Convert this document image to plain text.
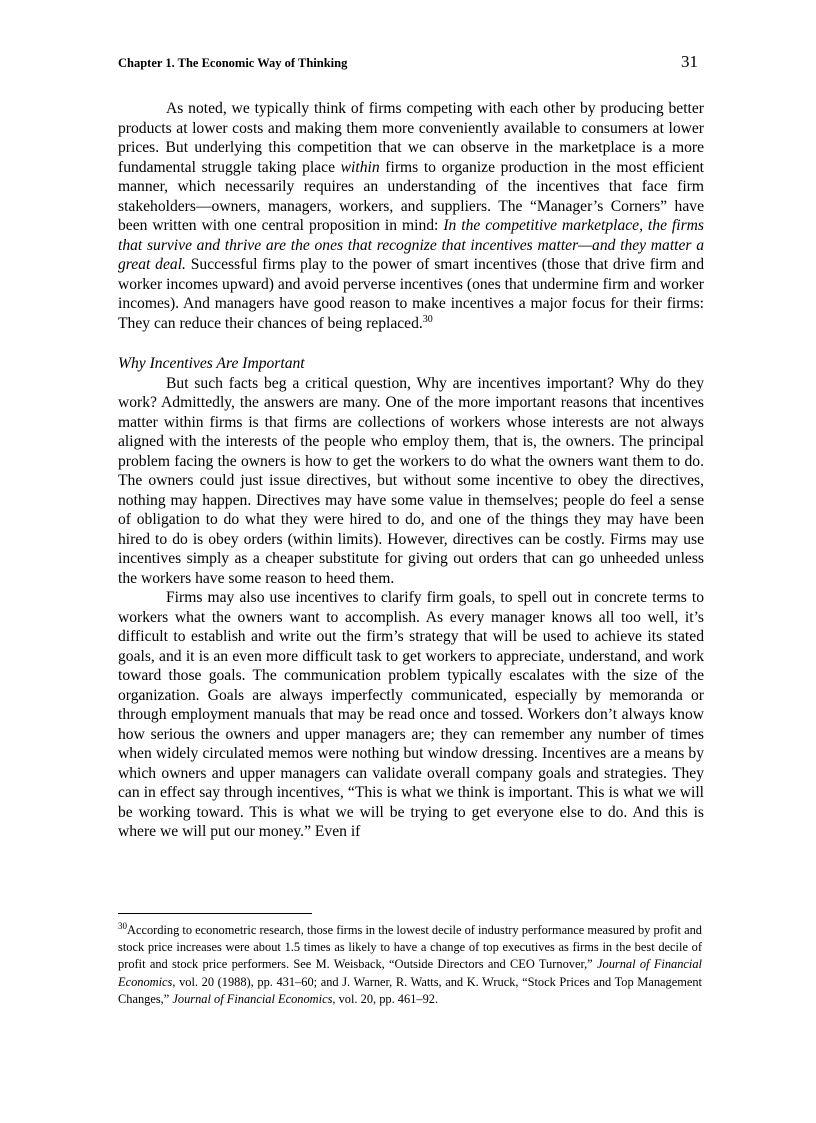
Chapter 1. The Economic Way of Thinking	31

As noted, we typically think of firms competing with each other by producing better products at lower costs and making them more conveniently available to consumers at lower prices. But underlying this competition that we can observe in the marketplace is a more fundamental struggle taking place within firms to organize production in the most efficient manner, which necessarily requires an understanding of the incentives that face firm stakeholders—owners, managers, workers, and suppliers. The “Manager’s Corners” have been written with one central proposition in mind: In the competitive marketplace, the firms that survive and thrive are the ones that recognize that incentives matter—and they matter a great deal. Successful firms play to the power of smart incentives (those that drive firm and worker incomes upward) and avoid perverse incentives (ones that undermine firm and worker incomes). And managers have good reason to make incentives a major focus for their firms: They can reduce their chances of being replaced.$^{30}$

Why Incentives Are Important

But such facts beg a critical question, Why are incentives important? Why do they work? Admittedly, the answers are many. One of the more important reasons that incentives matter within firms is that firms are collections of workers whose interests are not always aligned with the interests of the people who employ them, that is, the owners. The principal problem facing the owners is how to get the workers to do what the owners want them to do. The owners could just issue directives, but without some incentive to obey the directives, nothing may happen. Directives may have some value in themselves; people do feel a sense of obligation to do what they were hired to do, and one of the things they may have been hired to do is obey orders (within limits). However, directives can be costly. Firms may use incentives simply as a cheaper substitute for giving out orders that can go unheeded unless the workers have some reason to heed them.

Firms may also use incentives to clarify firm goals, to spell out in concrete terms to workers what the owners want to accomplish. As every manager knows all too well, it’s difficult to establish and write out the firm’s strategy that will be used to achieve its stated goals, and it is an even more difficult task to get workers to appreciate, understand, and work toward those goals. The communication problem typically escalates with the size of the organization. Goals are always imperfectly communicated, especially by memoranda or through employment manuals that may be read once and tossed. Workers don’t always know how serious the owners and upper managers are; they can remember any number of times when widely circulated memos were nothing but window dressing. Incentives are a means by which owners and upper managers can validate overall company goals and strategies. They can in effect say through incentives, “This is what we think is important. This is what we will be working toward. This is what we will be trying to get everyone else to do. And this is where we will put our money.” Even if

$^{30}$According to econometric research, those firms in the lowest decile of industry performance measured by profit and stock price increases were about 1.5 times as likely to have a change of top executives as firms in the best decile of profit and stock price performers. See M. Weisback, “Outside Directors and CEO Turnover,” Journal of Financial Economics, vol. 20 (1988), pp. 431–60; and J. Warner, R. Watts, and K. Wruck, “Stock Prices and Top Management Changes,” Journal of Financial Economics, vol. 20, pp. 461–92.
